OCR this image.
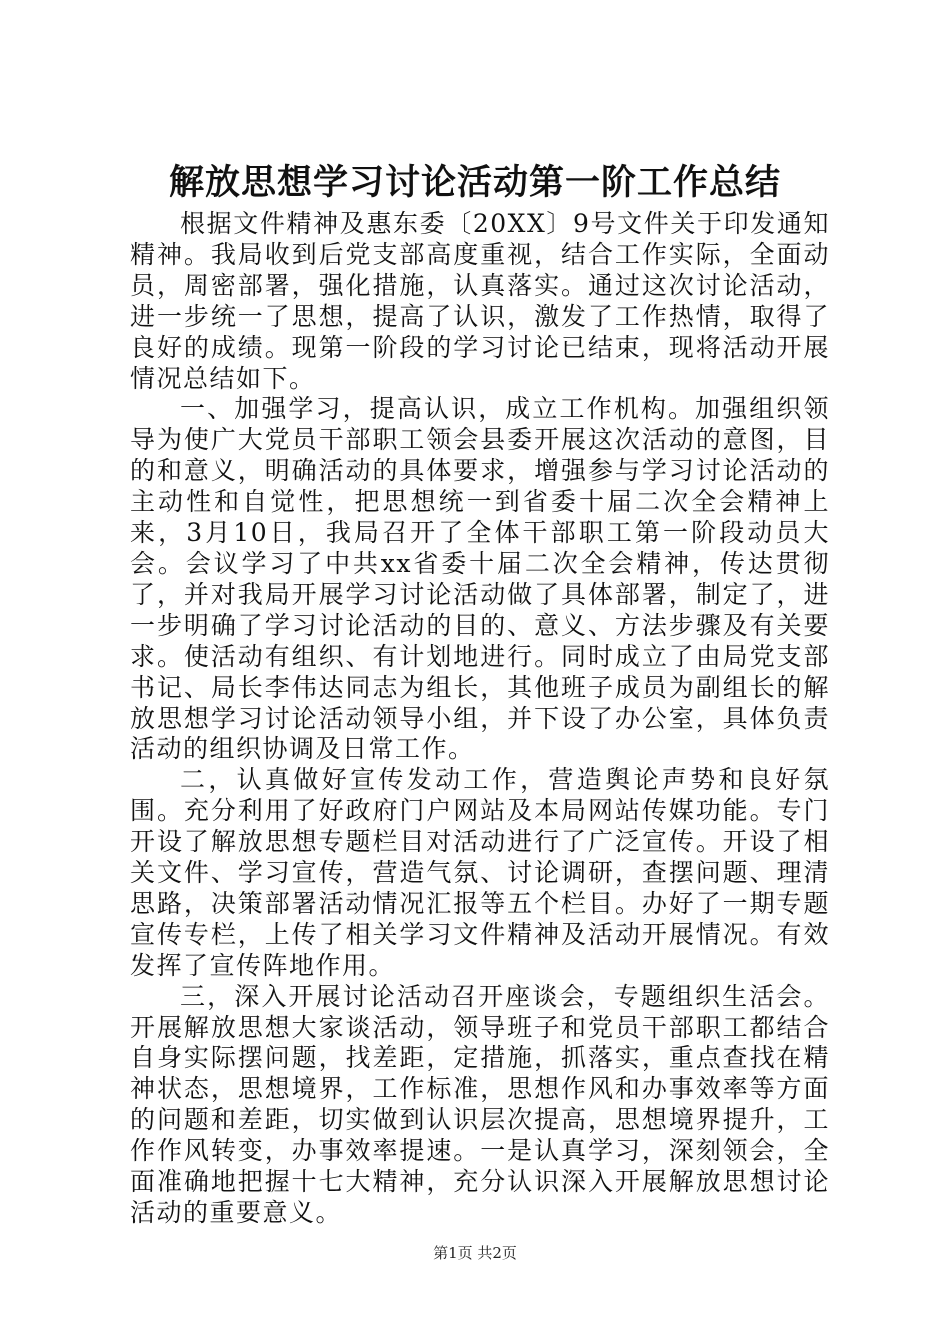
解放思想学习讨论活动第一阶工作总结

根据文件精神及惠东委〔20XX〕9号文件关于印发通知精神。我局收到后党支部高度重视，结合工作实际，全面动员，周密部署，强化措施，认真落实。通过这次讨论活动，进一步统一了思想，提高了认识，激发了工作热情，取得了良好的成绩。现第一阶段的学习讨论已结束，现将活动开展情况总结如下。

一、加强学习，提高认识，成立工作机构。加强组织领导为使广大党员干部职工领会县委开展这次活动的意图，目的和意义，明确活动的具体要求，增强参与学习讨论活动的主动性和自觉性，把思想统一到省委十届二次全会精神上来，3月10日，我局召开了全体干部职工第一阶段动员大会。会议学习了中共xx省委十届二次全会精神，传达贯彻了，并对我局开展学习讨论活动做了具体部署，制定了，进一步明确了学习讨论活动的目的、意义、方法步骤及有关要求。使活动有组织、有计划地进行。同时成立了由局党支部书记、局长李伟达同志为组长，其他班子成员为副组长的解放思想学习讨论活动领导小组，并下设了办公室，具体负责活动的组织协调及日常工作。

二，认真做好宣传发动工作，营造舆论声势和良好氛围。充分利用了好政府门户网站及本局网站传媒功能。专门开设了解放思想专题栏目对活动进行了广泛宣传。开设了相关文件、学习宣传，营造气氛、讨论调研，查摆问题、理清思路，决策部署活动情况汇报等五个栏目。办好了一期专题宣传专栏，上传了相关学习文件精神及活动开展情况。有效发挥了宣传阵地作用。

三，深入开展讨论活动召开座谈会，专题组织生活会。开展解放思想大家谈活动，领导班子和党员干部职工都结合自身实际摆问题，找差距，定措施，抓落实，重点查找在精神状态，思想境界，工作标准，思想作风和办事效率等方面的问题和差距，切实做到认识层次提高，思想境界提升，工作作风转变，办事效率提速。一是认真学习，深刻领会，全面准确地把握十七大精神，充分认识深入开展解放思想讨论活动的重要意义。

第1页 共2页
